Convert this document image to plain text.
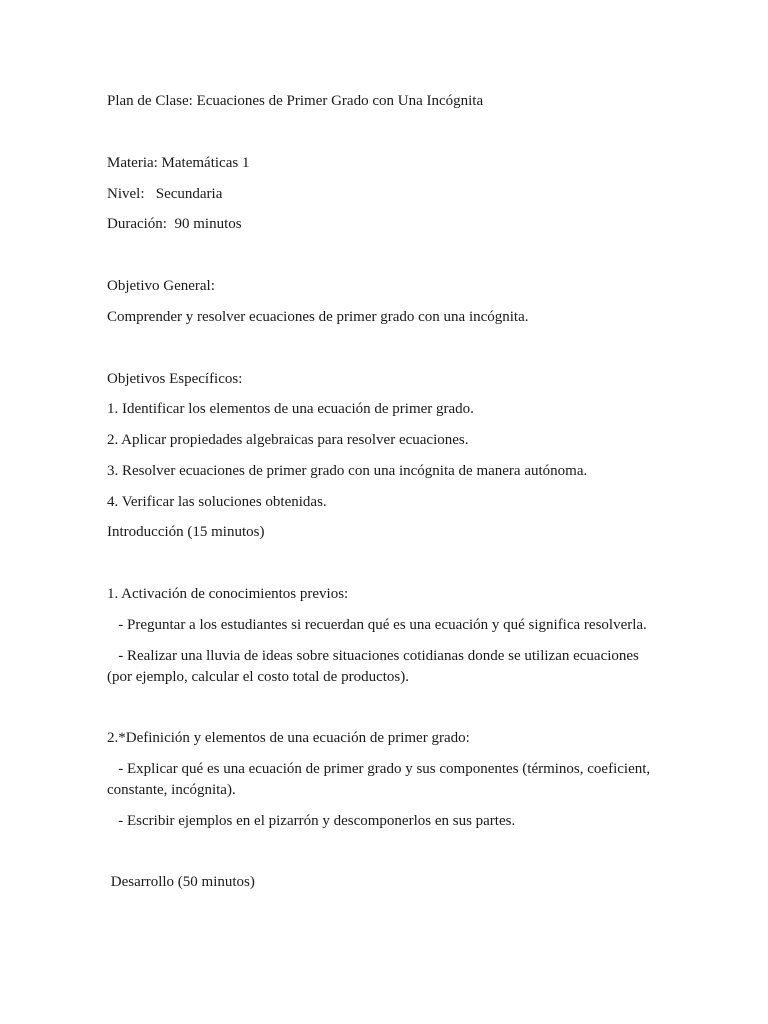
Plan de Clase: Ecuaciones de Primer Grado con Una Incógnita

Materia: Matemáticas 1

Nivel:   Secundaria

Duración:  90 minutos

Objetivo General:

Comprender y resolver ecuaciones de primer grado con una incógnita.

Objetivos Específicos:

1. Identificar los elementos de una ecuación de primer grado.

2. Aplicar propiedades algebraicas para resolver ecuaciones.

3. Resolver ecuaciones de primer grado con una incógnita de manera autónoma.

4. Verificar las soluciones obtenidas.

Introducción (15 minutos)

1. Activación de conocimientos previos:

- Preguntar a los estudiantes si recuerdan qué es una ecuación y qué significa resolverla.

- Realizar una lluvia de ideas sobre situaciones cotidianas donde se utilizan ecuaciones
(por ejemplo, calcular el costo total de productos).

2.*Definición y elementos de una ecuación de primer grado:

- Explicar qué es una ecuación de primer grado y sus componentes (términos, coeficient,
constante, incógnita).

- Escribir ejemplos en el pizarrón y descomponerlos en sus partes.

Desarrollo (50 minutos)
